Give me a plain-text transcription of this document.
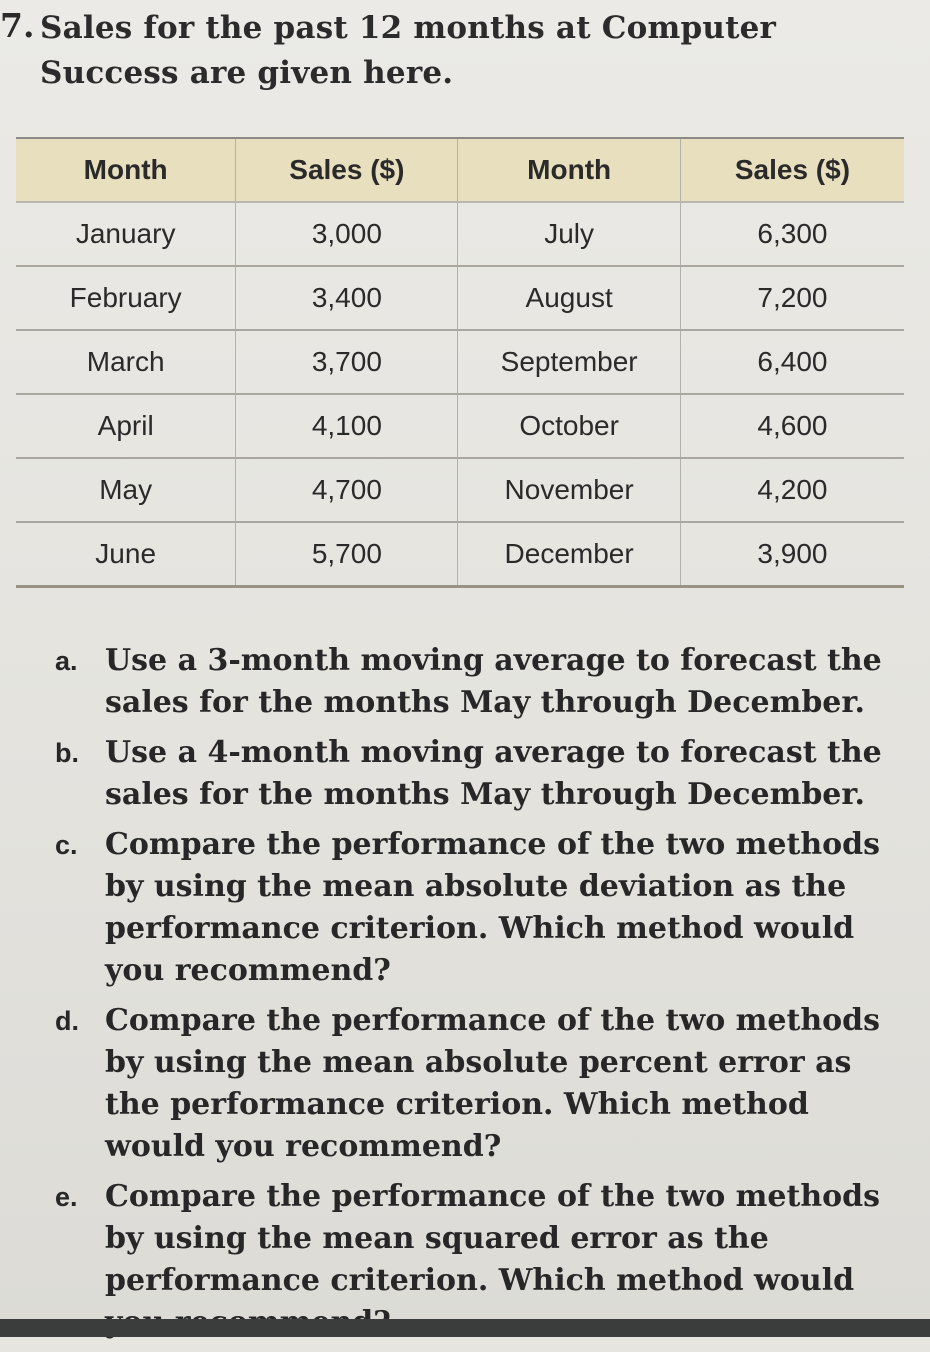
7. Sales for the past 12 months at Computer Success are given here.
Month	Sales ($)	Month	Sales ($)
January	3,000	July	6,300
February	3,400	August	7,200
March	3,700	September	6,400
April	4,100	October	4,600
May	4,700	November	4,200
June	5,700	December	3,900
a. Use a 3-month moving average to forecast the sales for the months May through December.
b. Use a 4-month moving average to forecast the sales for the months May through December.
c. Compare the performance of the two methods by using the mean absolute deviation as the performance criterion. Which method would you recommend?
d. Compare the performance of the two methods by using the mean absolute percent error as the performance criterion. Which method would you recommend?
e. Compare the performance of the two methods by using the mean squared error as the performance criterion. Which method would
